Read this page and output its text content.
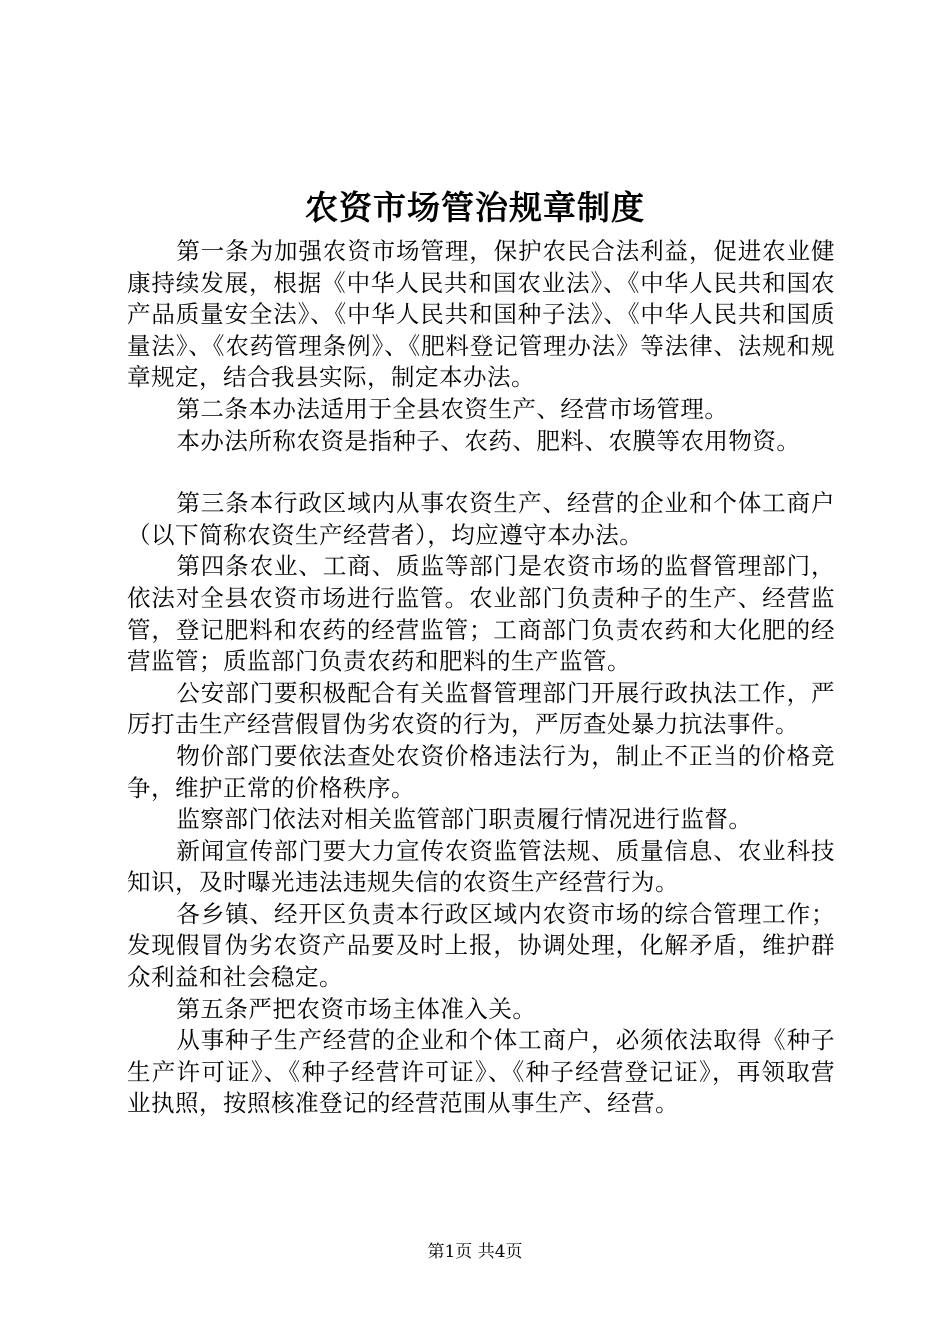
农资市场管治规章制度

第一条为加强农资市场管理，保护农民合法利益，促进农业健康持续发展，根据《中华人民共和国农业法》、《中华人民共和国农产品质量安全法》、《中华人民共和国种子法》、《中华人民共和国质量法》、《农药管理条例》、《肥料登记管理办法》等法律、法规和规章规定，结合我县实际，制定本办法。

第二条本办法适用于全县农资生产、经营市场管理。

本办法所称农资是指种子、农药、肥料、农膜等农用物资。

第三条本行政区域内从事农资生产、经营的企业和个体工商户（以下简称农资生产经营者），均应遵守本办法。

第四条农业、工商、质监等部门是农资市场的监督管理部门，依法对全县农资市场进行监管。农业部门负责种子的生产、经营监管，登记肥料和农药的经营监管；工商部门负责农药和大化肥的经营监管；质监部门负责农药和肥料的生产监管。

公安部门要积极配合有关监督管理部门开展行政执法工作，严厉打击生产经营假冒伪劣农资的行为，严厉查处暴力抗法事件。

物价部门要依法查处农资价格违法行为，制止不正当的价格竞争，维护正常的价格秩序。

监察部门依法对相关监管部门职责履行情况进行监督。

新闻宣传部门要大力宣传农资监管法规、质量信息、农业科技知识，及时曝光违法违规失信的农资生产经营行为。

各乡镇、经开区负责本行政区域内农资市场的综合管理工作；发现假冒伪劣农资产品要及时上报，协调处理，化解矛盾，维护群众利益和社会稳定。

第五条严把农资市场主体准入关。

从事种子生产经营的企业和个体工商户，必须依法取得《种子生产许可证》、《种子经营许可证》、《种子经营登记证》，再领取营业执照，按照核准登记的经营范围从事生产、经营。

第1页 共4页
